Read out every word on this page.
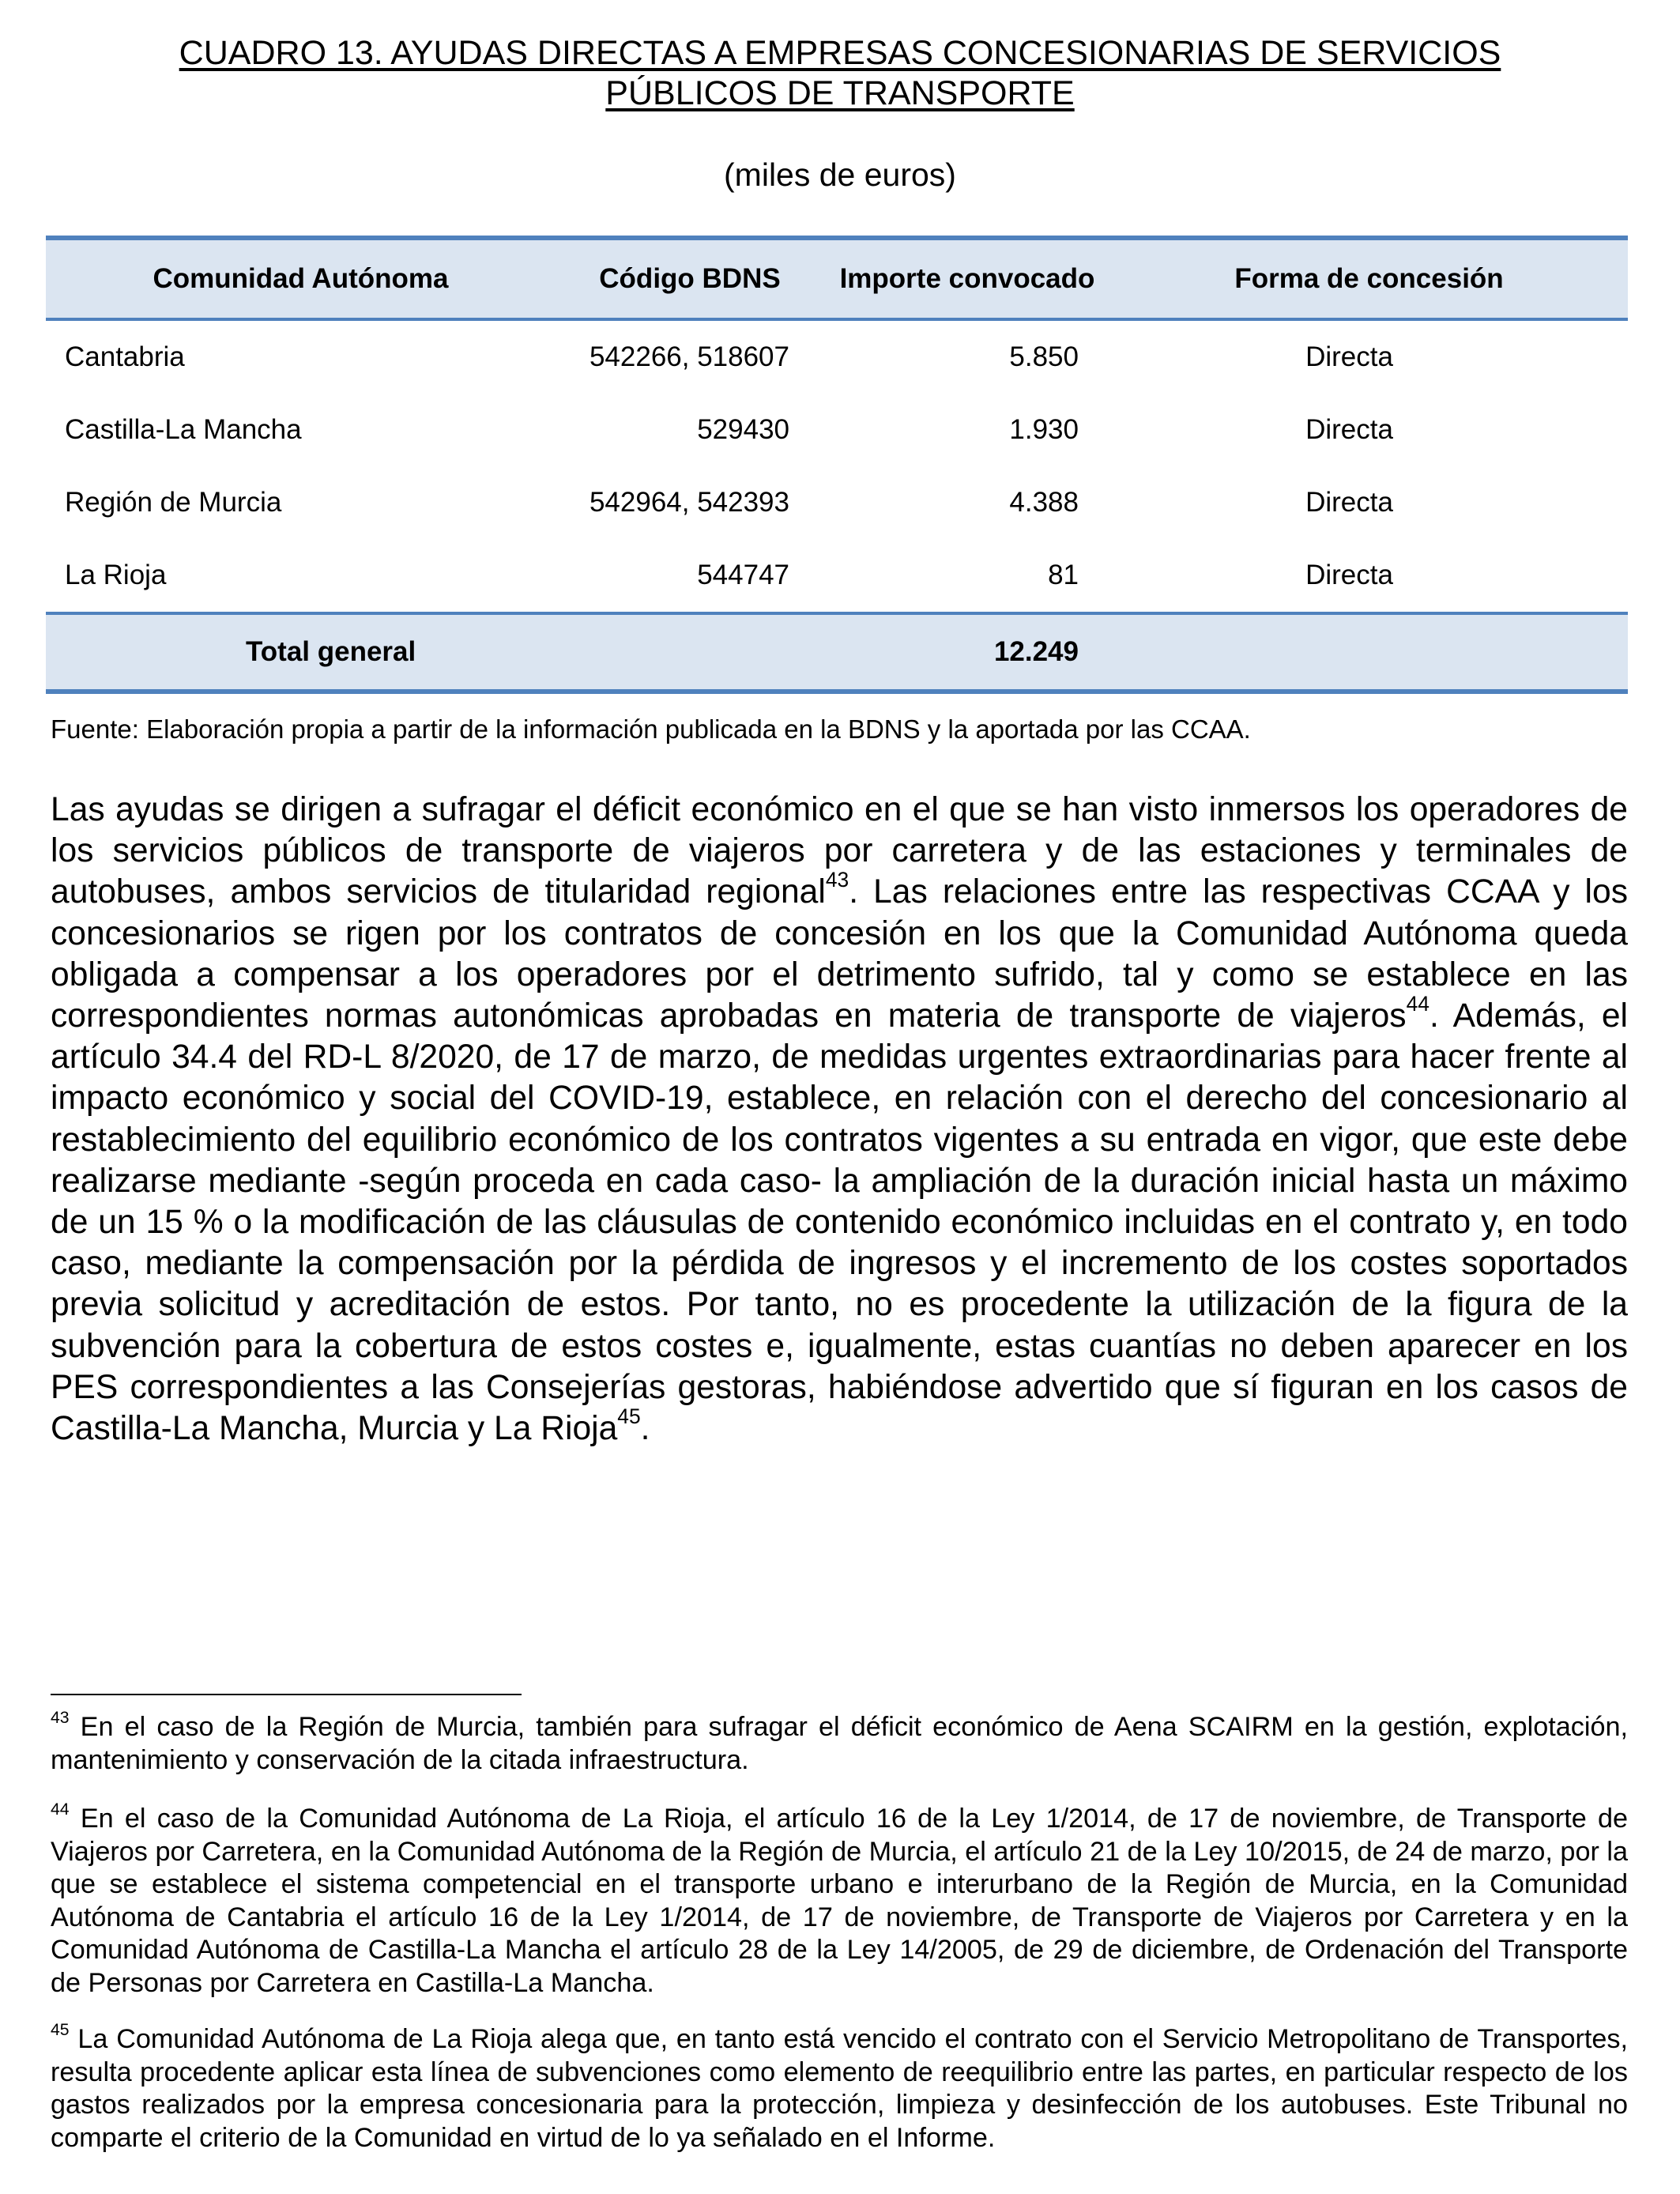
CUADRO 13. AYUDAS DIRECTAS A EMPRESAS CONCESIONARIAS DE SERVICIOS
PÚBLICOS DE TRANSPORTE
(miles de euros)
Comunidad Autónoma	Código BDNS	Importe convocado	Forma de concesión
Cantabria	542266, 518607	5.850	Directa
Castilla-La Mancha	529430	1.930	Directa
Región de Murcia	542964, 542393	4.388	Directa
La Rioja	544747	81	Directa
Total general		12.249	
Fuente: Elaboración propia a partir de la información publicada en la BDNS y la aportada por las CCAA.

Las ayudas se dirigen a sufragar el déficit económico en el que se han visto inmersos los operadores de los servicios públicos de transporte de viajeros por carretera y de las estaciones y terminales de autobuses, ambos servicios de titularidad regional$^{43}$. Las relaciones entre las respectivas CCAA y los concesionarios se rigen por los contratos de concesión en los que la Comunidad Autónoma queda obligada a compensar a los operadores por el detrimento sufrido, tal y como se establece en las correspondientes normas autonómicas aprobadas en materia de transporte de viajeros$^{44}$. Además, el artículo 34.4 del RD-L 8/2020, de 17 de marzo, de medidas urgentes extraordinarias para hacer frente al impacto económico y social del COVID-19, establece, en relación con el derecho del concesionario al restablecimiento del equilibrio económico de los contratos vigentes a su entrada en vigor, que este debe realizarse mediante -según proceda en cada caso- la ampliación de la duración inicial hasta un máximo de un 15 % o la modificación de las cláusulas de contenido económico incluidas en el contrato y, en todo caso, mediante la compensación por la pérdida de ingresos y el incremento de los costes soportados previa solicitud y acreditación de estos. Por tanto, no es procedente la utilización de la figura de la subvención para la cobertura de estos costes e, igualmente, estas cuantías no deben aparecer en los PES correspondientes a las Consejerías gestoras, habiéndose advertido que sí figuran en los casos de Castilla-La Mancha, Murcia y La Rioja$^{45}$.

$^{43}$ En el caso de la Región de Murcia, también para sufragar el déficit económico de Aena SCAIRM en la gestión, explotación, mantenimiento y conservación de la citada infraestructura.

$^{44}$ En el caso de la Comunidad Autónoma de La Rioja, el artículo 16 de la Ley 1/2014, de 17 de noviembre, de Transporte de Viajeros por Carretera, en la Comunidad Autónoma de la Región de Murcia, el artículo 21 de la Ley 10/2015, de 24 de marzo, por la que se establece el sistema competencial en el transporte urbano e interurbano de la Región de Murcia, en la Comunidad Autónoma de Cantabria el artículo 16 de la Ley 1/2014, de 17 de noviembre, de Transporte de Viajeros por Carretera y en la Comunidad Autónoma de Castilla-La Mancha el artículo 28 de la Ley 14/2005, de 29 de diciembre, de Ordenación del Transporte de Personas por Carretera en Castilla-La Mancha.

$^{45}$ La Comunidad Autónoma de La Rioja alega que, en tanto está vencido el contrato con el Servicio Metropolitano de Transportes, resulta procedente aplicar esta línea de subvenciones como elemento de reequilibrio entre las partes, en particular respecto de los gastos realizados por la empresa concesionaria para la protección, limpieza y desinfección de los autobuses. Este Tribunal no comparte el criterio de la Comunidad en virtud de lo ya señalado en el Informe.
